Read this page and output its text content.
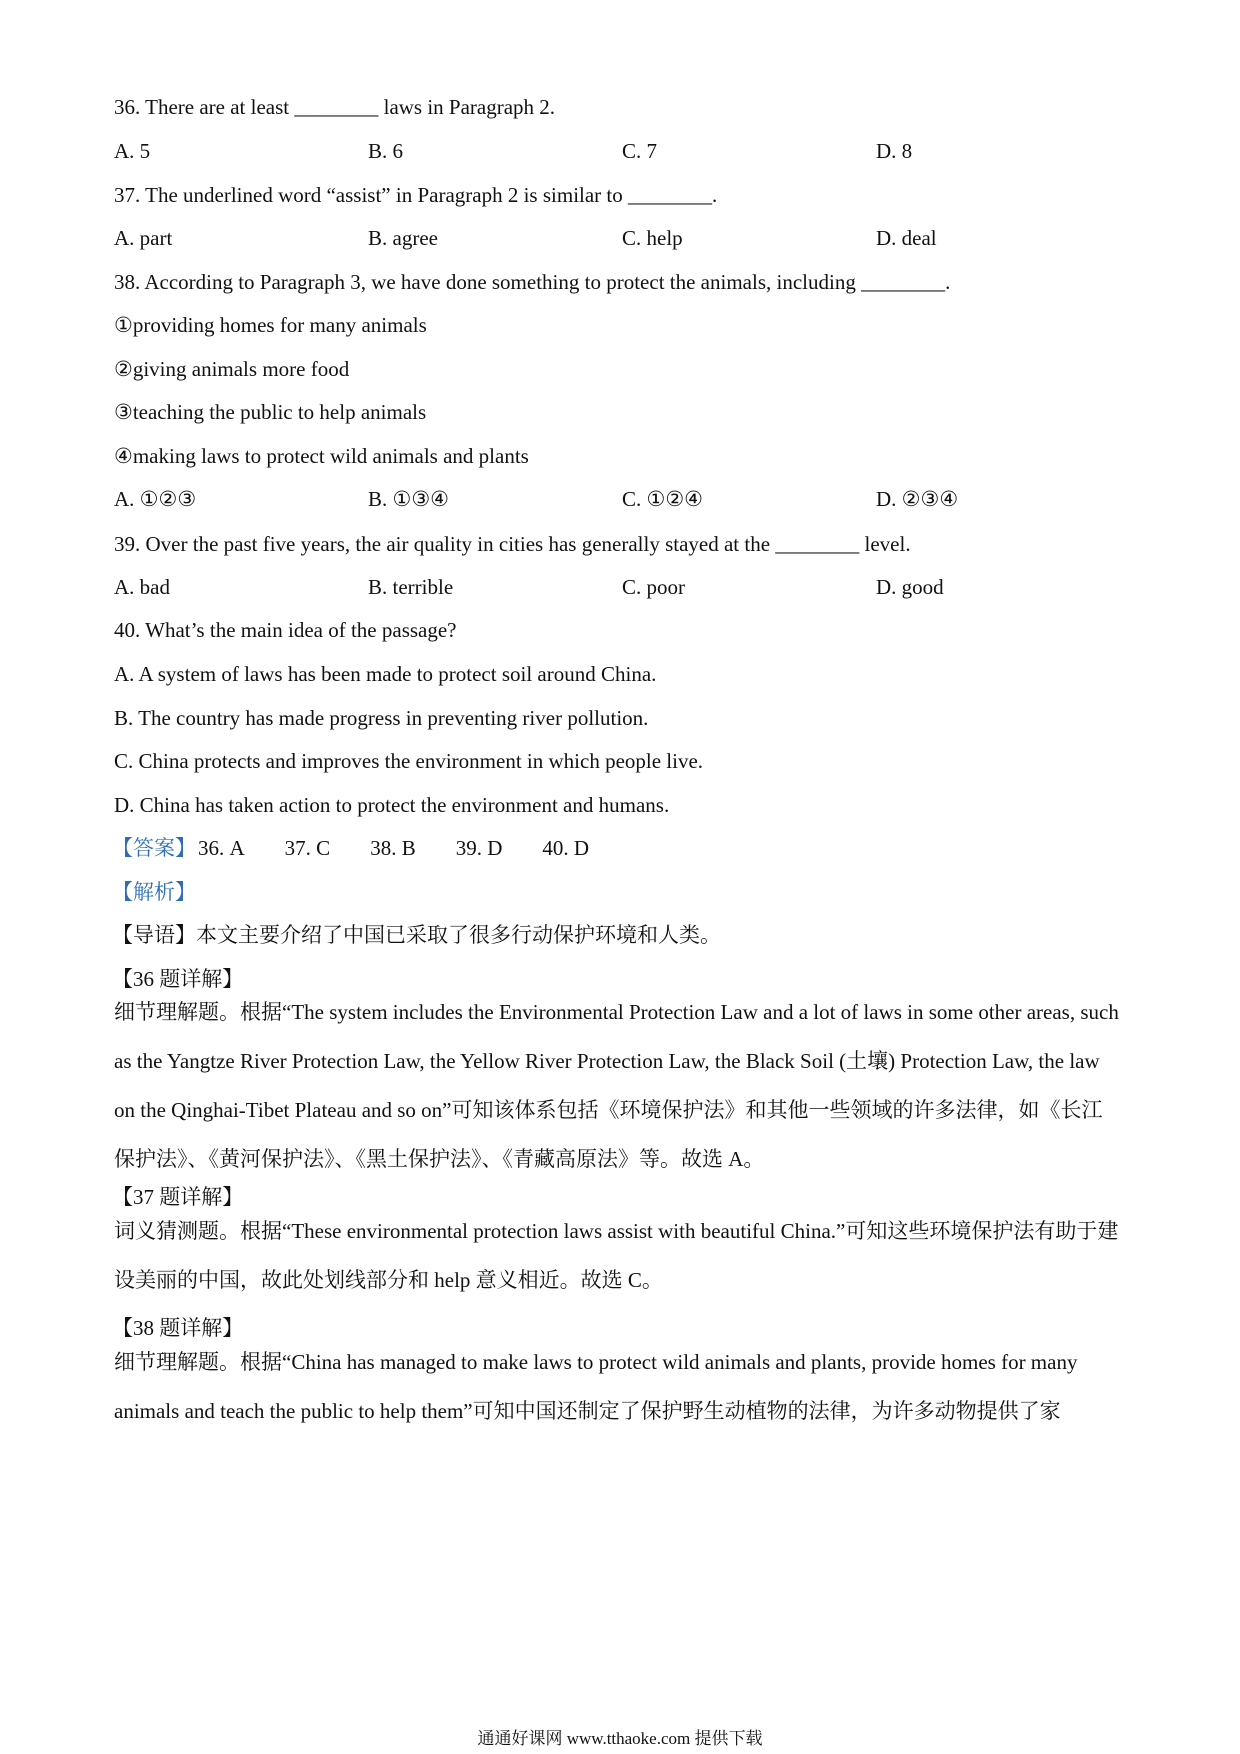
36. There are at least ________ laws in Paragraph 2.
A. 5	B. 6	C. 7	D. 8
37. The underlined word “assist” in Paragraph 2 is similar to ________.
A. part	B. agree	C. help	D. deal
38. According to Paragraph 3, we have done something to protect the animals, including ________.
①providing homes for many animals
②giving animals more food
③teaching the public to help animals
④making laws to protect wild animals and plants
A. ①②③	B. ①③④	C. ①②④	D. ②③④
39. Over the past five years, the air quality in cities has generally stayed at the ________ level.
A. bad	B. terrible	C. poor	D. good
40. What’s the main idea of the passage?
A. A system of laws has been made to protect soil around China.
B. The country has made progress in preventing river pollution.
C. China protects and improves the environment in which people live.
D. China has taken action to protect the environment and humans.
【答案】36. A 37. C 38. B 39. D 40. D
【解析】
【导语】本文主要介绍了中国已采取了很多行动保护环境和人类。
【36 题详解】
细节理解题。根据“The system includes the Environmental Protection Law and a lot of laws in some other areas, such as the Yangtze River Protection Law, the Yellow River Protection Law, the Black Soil (土壤) Protection Law, the law on the Qinghai-Tibet Plateau and so on”可知该体系包括《环境保护法》和其他一些领域的许多法律，如《长江保护法》、《黄河保护法》、《黑土保护法》、《青藏高原法》等。故选 A。
【37 题详解】
词义猜测题。根据“These environmental protection laws assist with beautiful China.”可知这些环境保护法有助于建设美丽的中国，故此处划线部分和 help 意义相近。故选 C。
【38 题详解】
细节理解题。根据“China has managed to make laws to protect wild animals and plants, provide homes for many animals and teach the public to help them”可知中国还制定了保护野生动植物的法律，为许多动物提供了家
通通好课网 www.tthaoke.com 提供下载
